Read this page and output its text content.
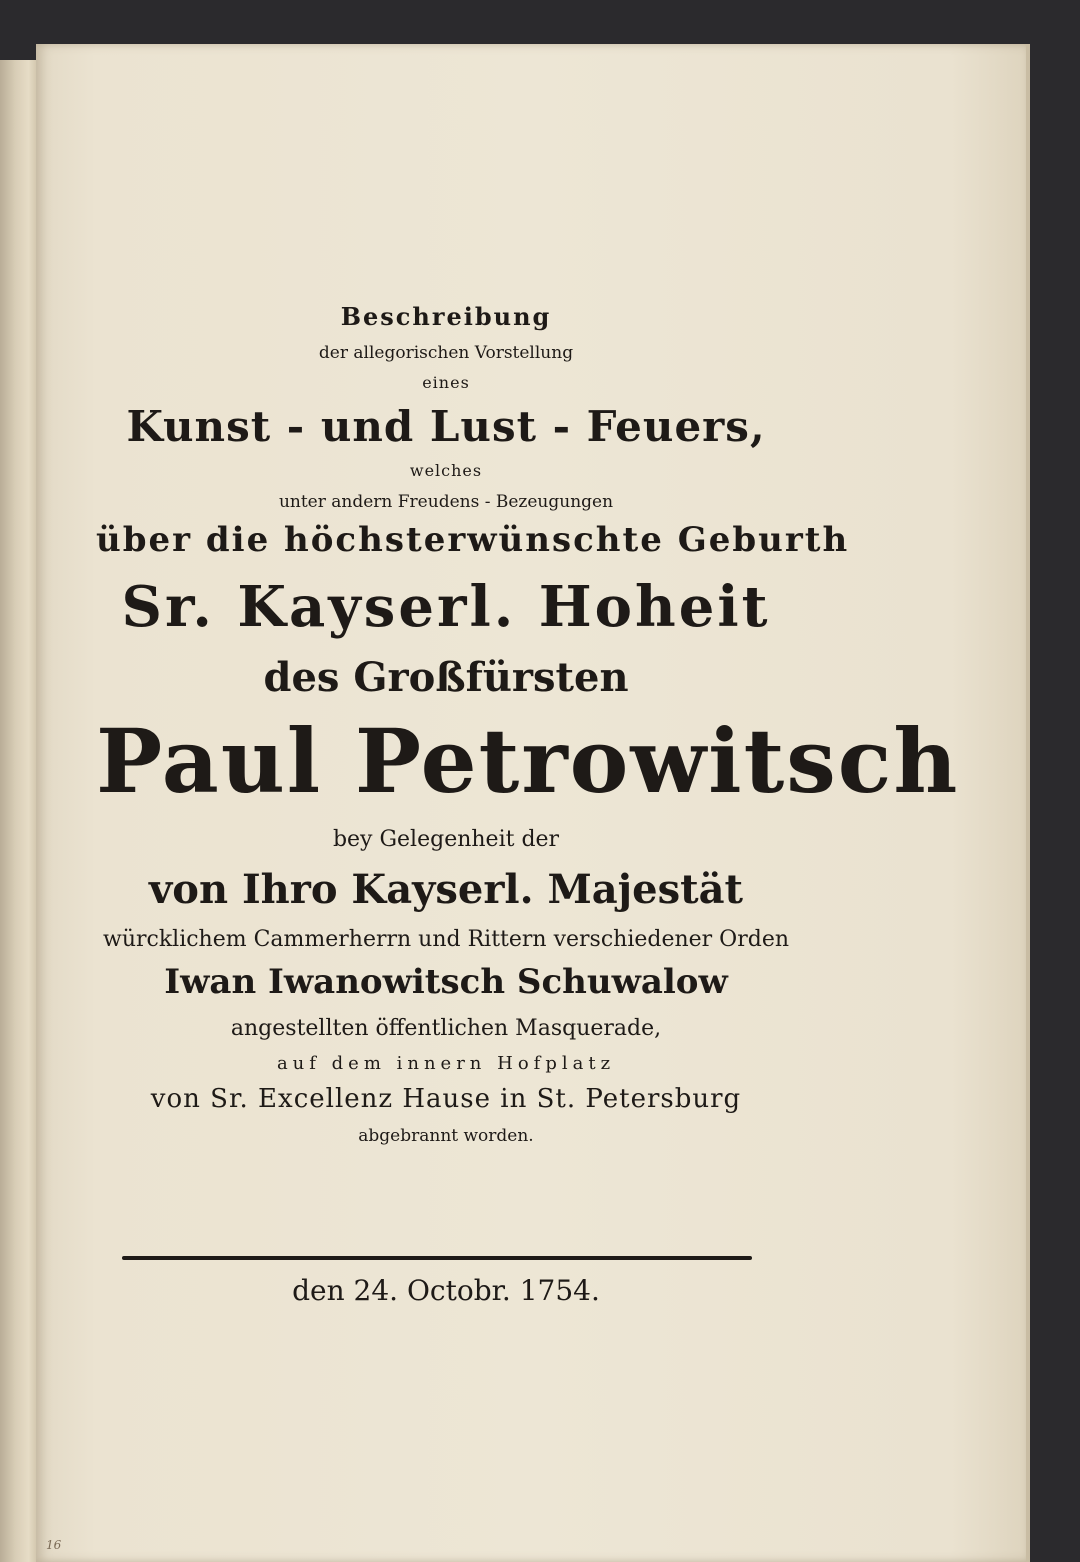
Beschreibung
der allegorischen Vorstellung
eines
Kunst - und Lust - Feuers,
welches
unter andern Freudens - Bezeugungen
über die höchsterwünschte Geburth
Sr. Kayserl. Hoheit
des Großfürsten
Paul Petrowitsch
bey Gelegenheit der
von Ihro Kayserl. Majestät
würcklichem Cammerherrn und Rittern verschiedener Orden
Iwan Iwanowitsch Schuwalow
angestellten öffentlichen Masquerade,
auf dem innern Hofplatz
von Sr. Excellenz Hause in St. Petersburg
abgebrannt worden.
den 24. Octobr. 1754.
16
